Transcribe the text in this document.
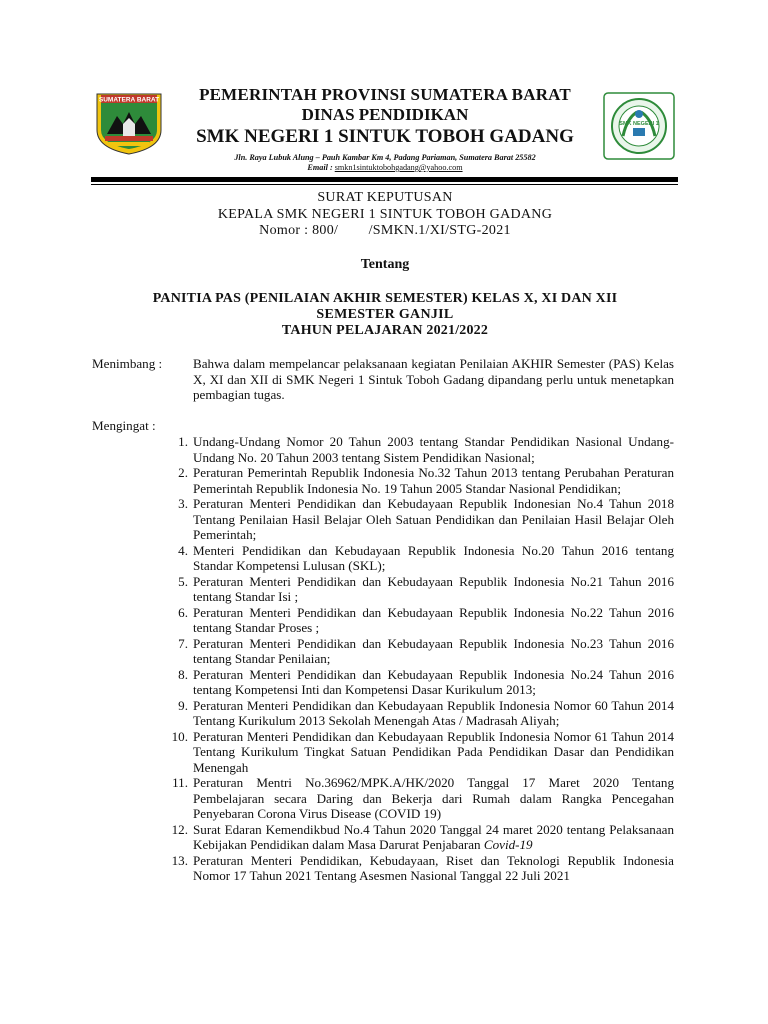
SUMATERA BARAT	PEMERINTAH PROVINSI SUMATERA BARAT
DINAS PENDIDIKAN
SMK NEGERI 1 SINTUK TOBOH GADANG
Jln. Raya Lubuk Alung – Pauh Kambar Km 4, Padang Pariaman, Sumatera Barat 25582
Email : smkn1sintuktobohgadang@yahoo.com
SMK NEGERI 1
SURAT KEPUTUSAN
KEPALA SMK NEGERI 1 SINTUK TOBOH GADANG
Nomor : 800/        /SMKN.1/XI/STG-2021
Tentang
PANITIA PAS (PENILAIAN AKHIR SEMESTER) KELAS X, XI DAN XII
SEMESTER GANJIL
TAHUN PELAJARAN 2021/2022
Menimbang : Bahwa dalam mempelancar pelaksanaan kegiatan Penilaian AKHIR Semester (PAS) Kelas X, XI dan XII di SMK Negeri 1 Sintuk Toboh Gadang dipandang perlu untuk menetapkan pembagian tugas.
Mengingat :
1. Undang-Undang Nomor 20 Tahun 2003 tentang Standar Pendidikan Nasional Undang-Undang No. 20 Tahun 2003 tentang Sistem Pendidikan Nasional;
2. Peraturan Pemerintah Republik Indonesia No.32 Tahun 2013 tentang Perubahan Peraturan Pemerintah Republik Indonesia No. 19 Tahun 2005 Standar Nasional Pendidikan;
3. Peraturan Menteri Pendidikan dan Kebudayaan Republik Indonesian No.4 Tahun 2018 Tentang Penilaian Hasil Belajar Oleh Satuan Pendidikan dan Penilaian Hasil Belajar Oleh Pemerintah;
4. Menteri Pendidikan dan Kebudayaan Republik Indonesia No.20 Tahun 2016 tentang Standar Kompetensi Lulusan (SKL);
5. Peraturan Menteri Pendidikan dan Kebudayaan Republik Indonesia No.21 Tahun 2016 tentang Standar Isi ;
6. Peraturan Menteri Pendidikan dan Kebudayaan Republik Indonesia No.22 Tahun 2016 tentang Standar Proses ;
7. Peraturan Menteri Pendidikan dan Kebudayaan Republik Indonesia No.23 Tahun 2016 tentang Standar Penilaian;
8. Peraturan Menteri Pendidikan dan Kebudayaan Republik Indonesia No.24 Tahun 2016 tentang Kompetensi Inti dan Kompetensi Dasar Kurikulum 2013;
9. Peraturan Menteri Pendidikan dan Kebudayaan Republik Indonesia Nomor 60 Tahun 2014 Tentang Kurikulum 2013 Sekolah Menengah Atas / Madrasah Aliyah;
10. Peraturan Menteri Pendidikan dan Kebudayaan Republik Indonesia Nomor 61 Tahun 2014 Tentang Kurikulum Tingkat Satuan Pendidikan Pada Pendidikan Dasar dan Pendidikan Menengah
11. Peraturan Mentri No.36962/MPK.A/HK/2020 Tanggal 17 Maret 2020 Tentang Pembelajaran secara Daring dan Bekerja dari Rumah dalam Rangka Pencegahan Penyebaran Corona Virus Disease (COVID 19)
12. Surat Edaran Kemendikbud No.4 Tahun 2020 Tanggal 24 maret 2020 tentang Pelaksanaan Kebijakan Pendidikan dalam Masa Darurat Penjabaran Covid-19
13. Peraturan Menteri Pendidikan, Kebudayaan, Riset dan Teknologi Republik Indonesia Nomor 17 Tahun 2021 Tentang Asesmen Nasional Tanggal 22 Juli 2021
